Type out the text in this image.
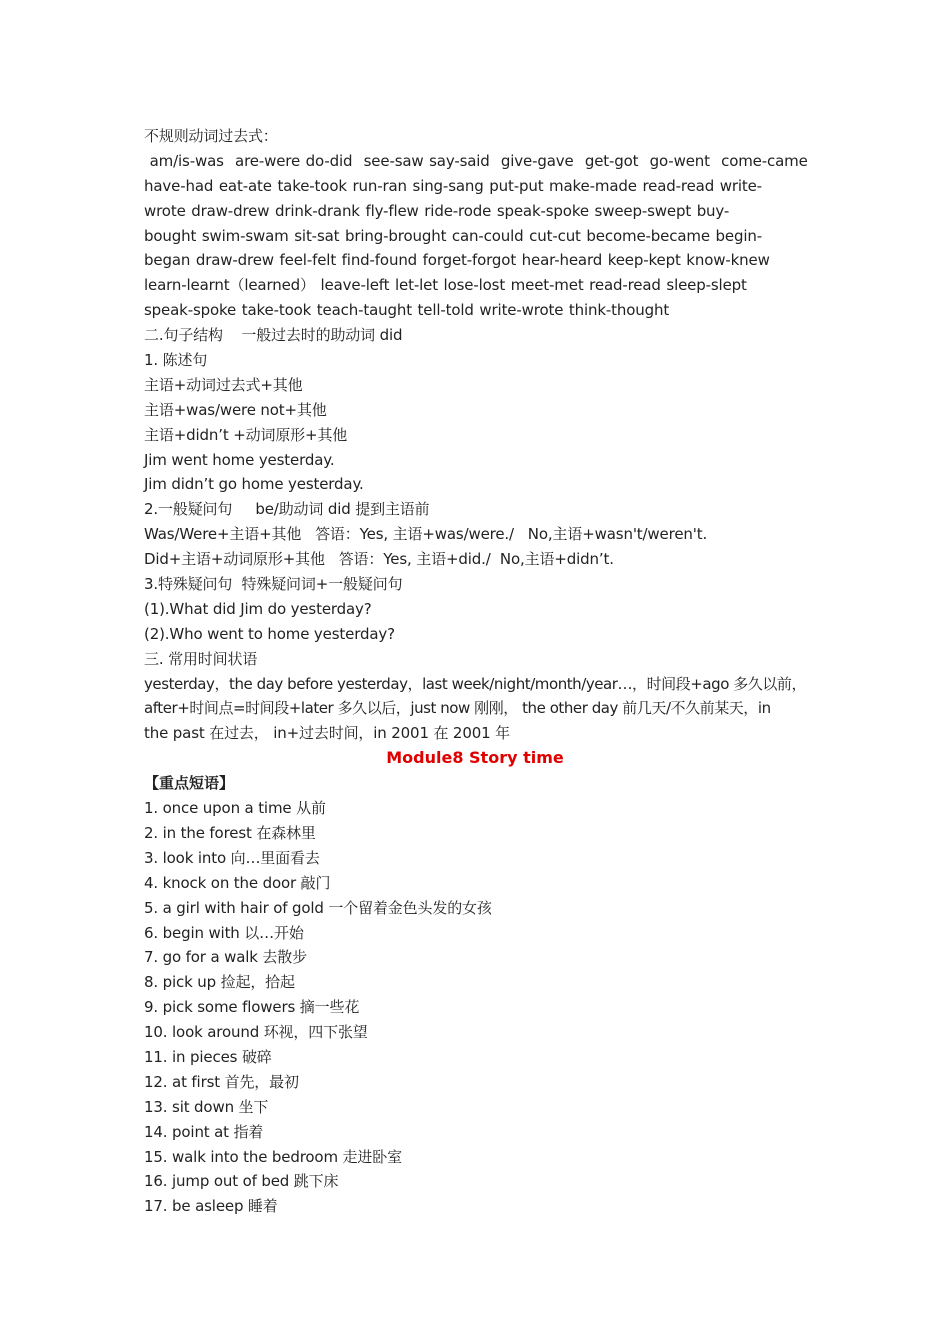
不规则动词过去式：
am/is-was  are-were do-did  see-saw say-said  give-gave  get-got  go-went  come-came
have-had eat-ate take-took run-ran sing-sang put-put make-made read-read write-
wrote draw-drew drink-drank fly-flew ride-rode speak-spoke sweep-swept buy-
bought swim-swam sit-sat bring-brought can-could cut-cut become-became begin-
began draw-drew feel-felt find-found forget-forgot hear-heard keep-kept know-knew
learn-learnt（learned） leave-left let-let lose-lost meet-met read-read sleep-slept
speak-spoke take-took teach-taught tell-told write-wrote think-thought
二.句子结构    一般过去时的助动词 did
1. 陈述句
主语+动词过去式+其他
主语+was/were not+其他
主语+didn’t +动词原形+其他
Jim went home yesterday.
Jim didn’t go home yesterday.
2.一般疑问句     be/助动词 did 提到主语前
Was/Were+主语+其他   答语：Yes, 主语+was/were./   No,主语+wasn't/weren't.
Did+主语+动词原形+其他   答语：Yes, 主语+did./  No,主语+didn’t.
3.特殊疑问句  特殊疑问词+一般疑问句
(1).What did Jim do yesterday?
(2).Who went to home yesterday?
三. 常用时间状语
yesterday，the day before yesterday，last week/night/month/year…，时间段+ago 多久以前，
after+时间点=时间段+later 多久以后，just now 刚刚， the other day 前几天/不久前某天，in
the past 在过去， in+过去时间，in 2001 在 2001 年
Module8 Story time
【重点短语】
1. once upon a time 从前
2. in the forest 在森林里
3. look into 向…里面看去
4. knock on the door 敲门
5. a girl with hair of gold 一个留着金色头发的女孩
6. begin with 以…开始
7. go for a walk 去散步
8. pick up 捡起，拾起
9. pick some flowers 摘一些花
10. look around 环视，四下张望
11. in pieces 破碎
12. at first 首先，最初
13. sit down 坐下
14. point at 指着
15. walk into the bedroom 走进卧室
16. jump out of bed 跳下床
17. be asleep 睡着
